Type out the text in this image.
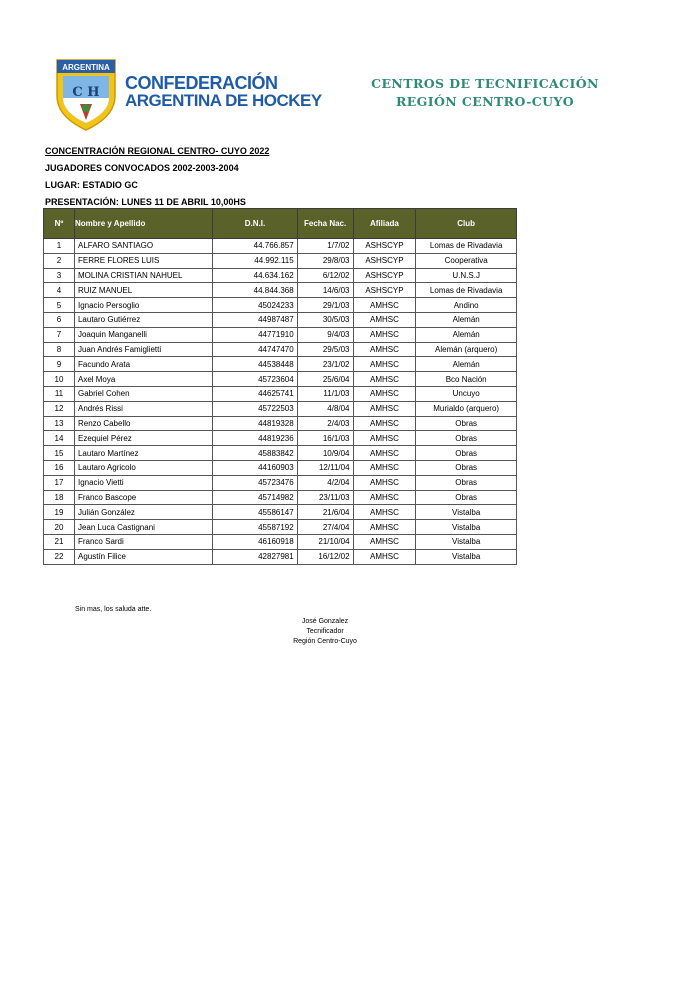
ARGENTINA
C H CONFEDERACIÓN
ARGENTINA DE HOCKEY
CENTROS DE TECNIFICACIÓN
REGIÓN CENTRO-CUYO
CONCENTRACIÓN REGIONAL CENTRO- CUYO 2022
JUGADORES CONVOCADOS 2002-2003-2004
LUGAR: ESTADIO GC
PRESENTACIÓN: LUNES 11 DE ABRIL 10,00HS
Nº	Nombre y Apellido	D.N.I.	Fecha Nac.	Afiliada	Club
1	ALFARO SANTIAGO	44.766.857	1/7/02	ASHSCYP	Lomas de Rivadavia
2	FERRE FLORES LUIS	44.992.115	29/8/03	ASHSCYP	Cooperativa
3	MOLINA CRISTIAN NAHUEL	44.634.162	6/12/02	ASHSCYP	U.N.S.J
4	RUIZ MANUEL	44.844.368	14/6/03	ASHSCYP	Lomas de Rivadavia
5	Ignacio Persoglio	45024233	29/1/03	AMHSC	Andino
6	Lautaro Gutiérrez	44987487	30/5/03	AMHSC	Alemán
7	Joaquin Manganelli	44771910	9/4/03	AMHSC	Alemán
8	Juan Andrés Famiglietti	44747470	29/5/03	AMHSC	Alemán (arquero)
9	Facundo Arata	44538448	23/1/02	AMHSC	Alemán
10	Axel Moya	45723604	25/6/04	AMHSC	Bco Nación
11	Gabriel Cohen	44625741	11/1/03	AMHSC	Uncuyo
12	Andrés Rissi	45722503	4/8/04	AMHSC	Murialdo (arquero)
13	Renzo Cabello	44819328	2/4/03	AMHSC	Obras
14	Ezequiel Pérez	44819236	16/1/03	AMHSC	Obras
15	Lautaro Martínez	45883842	10/9/04	AMHSC	Obras
16	Lautaro Agricolo	44160903	12/11/04	AMHSC	Obras
17	Ignacio Vietti	45723476	4/2/04	AMHSC	Obras
18	Franco Bascope	45714982	23/11/03	AMHSC	Obras
19	Julián González	45586147	21/6/04	AMHSC	Vistalba
20	Jean Luca Castignani	45587192	27/4/04	AMHSC	Vistalba
21	Franco Sardi	46160918	21/10/04	AMHSC	Vistalba
22	Agustín Filice	42827981	16/12/02	AMHSC	Vistalba
Sin mas, los saluda atte.
José Gonzalez
Tecnificador
Región Centro-Cuyo
